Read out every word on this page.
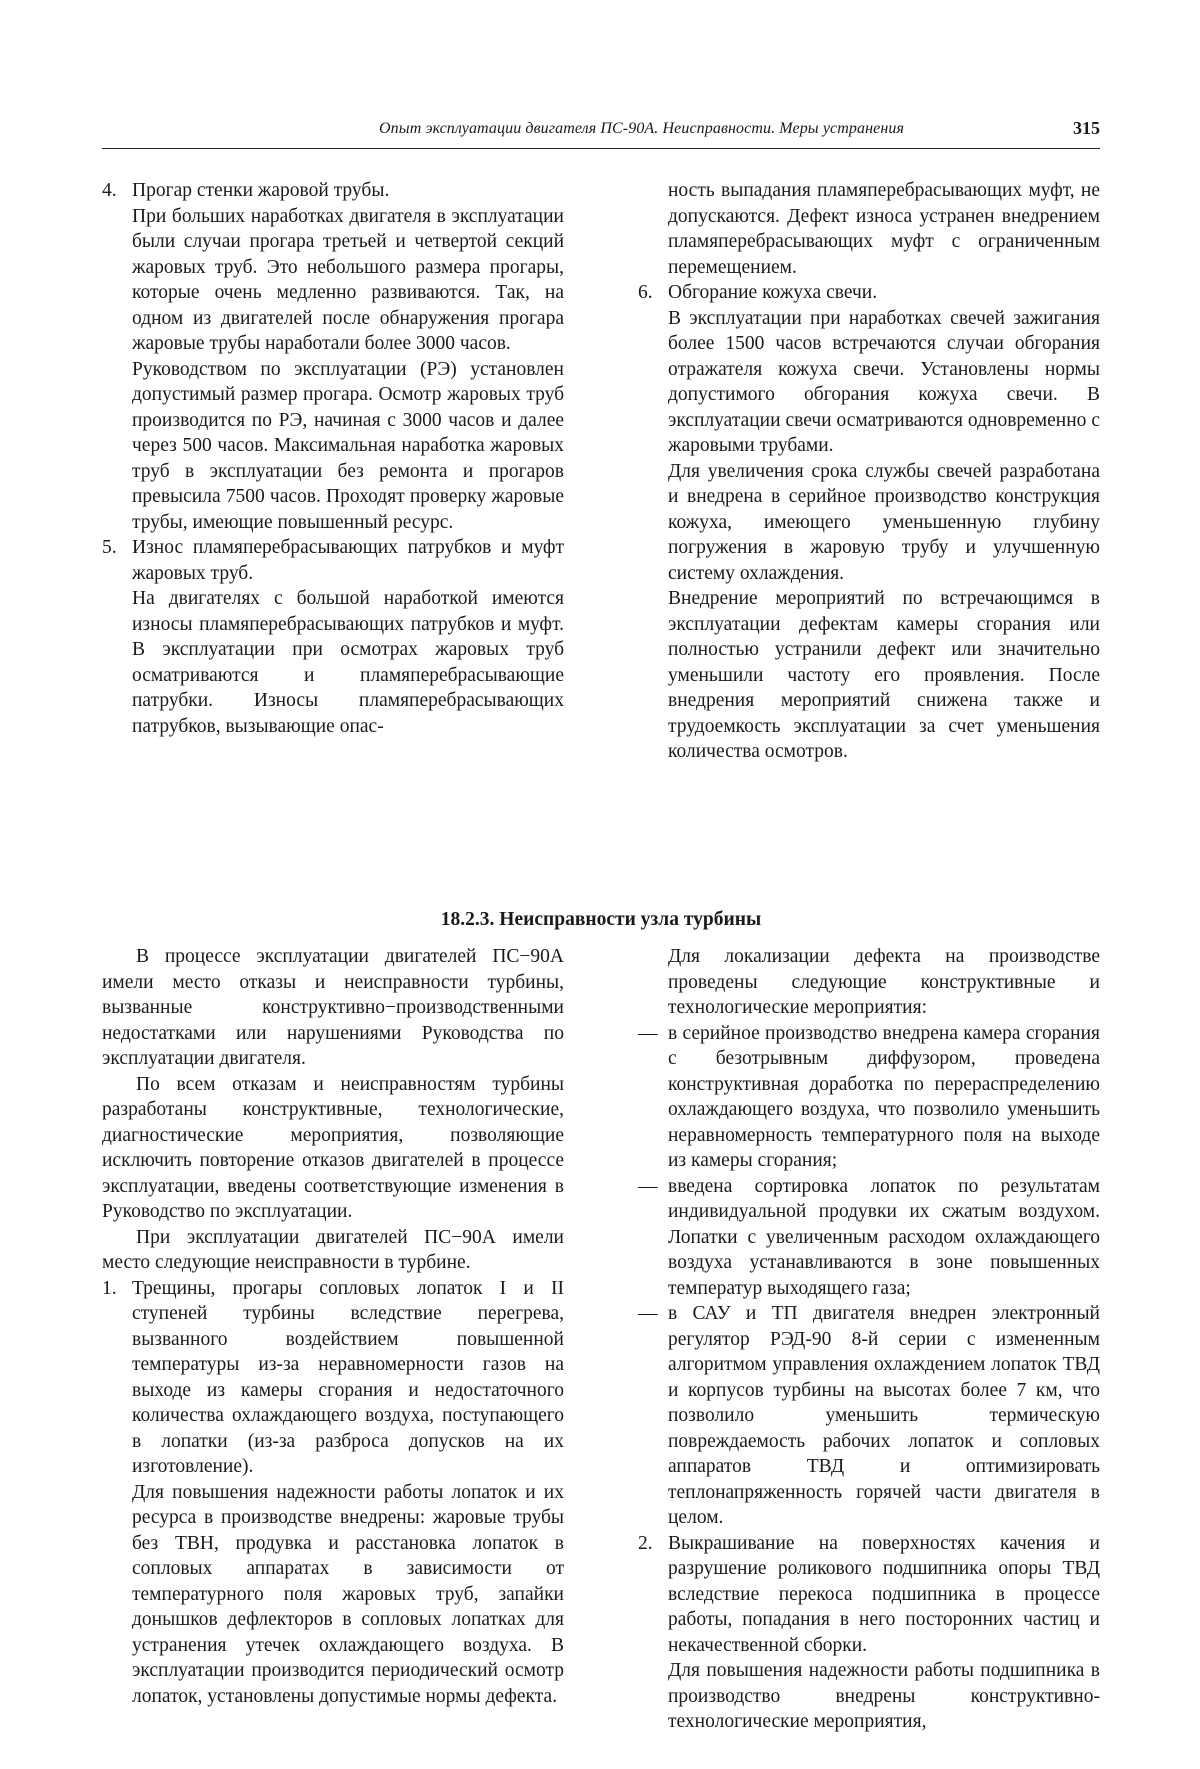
Опыт эксплуатации двигателя ПС-90А. Неисправности. Меры устранения	315
4. Прогар стенки жаровой трубы.

При больших наработках двигателя в эксплуатации были случаи прогара третьей и четвертой секций жаровых труб. Это небольшого размера прогары, которые очень медленно развиваются. Так, на одном из двигателей после обнаружения прогара жаровые трубы наработали более 3000 часов.

Руководством по эксплуатации (РЭ) установлен допустимый размер прогара. Осмотр жаровых труб производится по РЭ, начиная с 3000 часов и далее через 500 часов. Максимальная наработка жаровых труб в эксплуатации без ремонта и прогаров превысила 7500 часов. Проходят проверку жаровые трубы, имеющие повышенный ресурс.

5. Износ пламяперебрасывающих патрубков и муфт жаровых труб.

На двигателях с большой наработкой имеются износы пламяперебрасывающих патрубков и муфт. В эксплуатации при осмотрах жаровых труб осматриваются и пламяперебрасывающие патрубки. Износы пламяперебрасывающих патрубков, вызывающие опас-

ность выпадания пламяперебрасывающих муфт, не допускаются. Дефект износа устранен внедрением пламяперебрасывающих муфт с ограниченным перемещением.

6. Обгорание кожуха свечи.

В эксплуатации при наработках свечей зажигания более 1500 часов встречаются случаи обгорания отражателя кожуха свечи. Установлены нормы допустимого обгорания кожуха свечи. В эксплуатации свечи осматриваются одновременно с жаровыми трубами.

Для увеличения срока службы свечей разработана и внедрена в серийное производство конструкция кожуха, имеющего уменьшенную глубину погружения в жаровую трубу и улучшенную систему охлаждения.

Внедрение мероприятий по встречающимся в эксплуатации дефектам камеры сгорания или полностью устранили дефект или значительно уменьшили частоту его проявления. После внедрения мероприятий снижена также и трудоемкость эксплуатации за счет уменьшения количества осмотров.

18.2.3. Неисправности узла турбины

В процессе эксплуатации двигателей ПС−90А имели место отказы и неисправности турбины, вызванные конструктивно−производственными недостатками или нарушениями Руководства по эксплуатации двигателя.

По всем отказам и неисправностям турбины разработаны конструктивные, технологические, диагностические мероприятия, позволяющие исключить повторение отказов двигателей в процессе эксплуатации, введены соответствующие изменения в Руководство по эксплуатации.

При эксплуатации двигателей ПС−90А имели место следующие неисправности в турбине.

1. Трещины, прогары сопловых лопаток I и II ступеней турбины вследствие перегрева, вызванного воздействием повышенной температуры из-за неравномерности газов на выходе из камеры сгорания и недостаточного количества охлаждающего воздуха, поступающего в лопатки (из-за разброса допусков на их изготовление).

Для повышения надежности работы лопаток и их ресурса в производстве внедрены: жаровые трубы без ТВН, продувка и расстановка лопаток в сопловых аппаратах в зависимости от температурного поля жаровых труб, запайки донышков дефлекторов в сопловых лопатках для устранения утечек охлаждающего воздуха. В эксплуатации производится периодический осмотр лопаток, установлены допустимые нормы дефекта.

Для локализации дефекта на производстве проведены следующие конструктивные и технологические мероприятия:

— в серийное производство внедрена камера сгорания с безотрывным диффузором, проведена конструктивная доработка по перераспределению охлаждающего воздуха, что позволило уменьшить неравномерность температурного поля на выходе из камеры сгорания;

— введена сортировка лопаток по результатам индивидуальной продувки их сжатым воздухом. Лопатки с увеличенным расходом охлаждающего воздуха устанавливаются в зоне повышенных температур выходящего газа;

— в САУ и ТП двигателя внедрен электронный регулятор РЭД-90 8-й серии с измененным алгоритмом управления охлаждением лопаток ТВД и корпусов турбины на высотах более 7 км, что позволило уменьшить термическую повреждаемость рабочих лопаток и сопловых аппаратов ТВД и оптимизировать теплонапряженность горячей части двигателя в целом.

2. Выкрашивание на поверхностях качения и разрушение роликового подшипника опоры ТВД вследствие перекоса подшипника в процессе работы, попадания в него посторонних частиц и некачественной сборки.

Для повышения надежности работы подшипника в производство внедрены конструктивно-технологические мероприятия,
